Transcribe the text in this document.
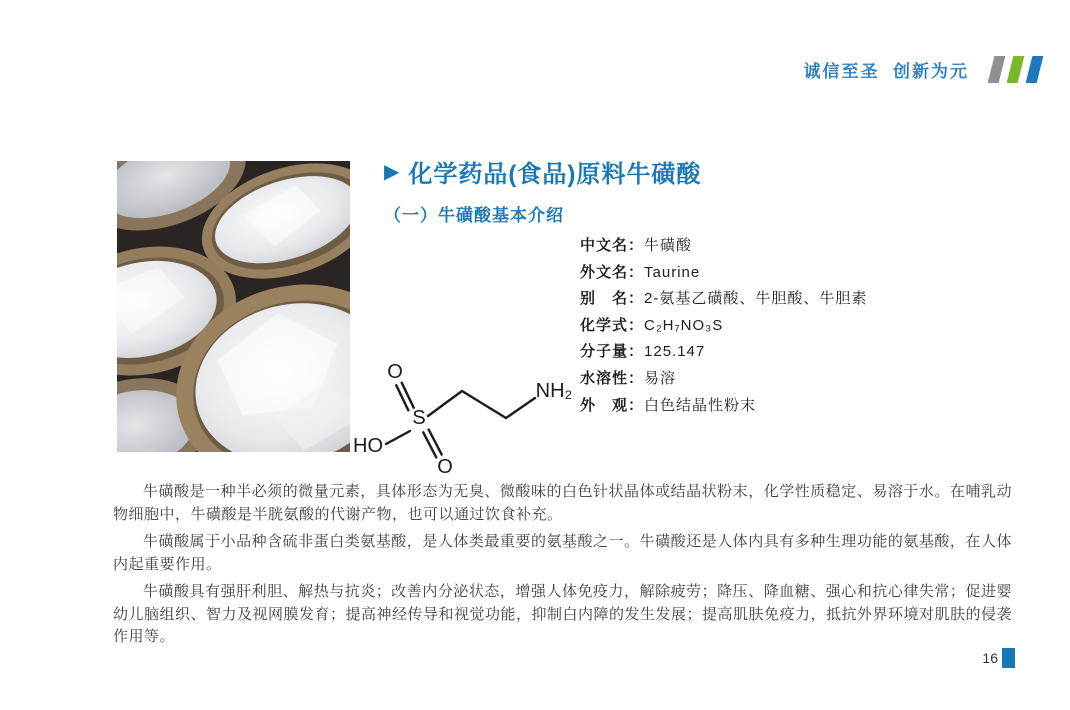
诚信至圣  创新为元
▶ 化学药品(食品)原料牛磺酸
（一）牛磺酸基本介绍
中文名：牛磺酸
外文名：Taurine
别　名：2-氨基乙磺酸、牛胆酸、牛胆素
化学式：C₂H₇NO₃S
分子量：125.147
水溶性：易溶
外　观：白色结晶性粉末
O
S
HO
O
NH₂

牛磺酸是一种半必须的微量元素，具体形态为无臭、微酸味的白色针状晶体或结晶状粉末，化学性质稳定、易溶于水。在哺乳动物细胞中，牛磺酸是半胱氨酸的代谢产物，也可以通过饮食补充。

牛磺酸属于小品种含硫非蛋白类氨基酸，是人体类最重要的氨基酸之一。牛磺酸还是人体内具有多种生理功能的氨基酸，在人体内起重要作用。

牛磺酸具有强肝利胆、解热与抗炎；改善内分泌状态，增强人体免疫力，解除疲劳；降压、降血糖、强心和抗心律失常；促进婴幼儿脑组织、智力及视网膜发育；提高神经传导和视觉功能，抑制白内障的发生发展；提高肌肤免疫力，抵抗外界环境对肌肤的侵袭作用等。

16
